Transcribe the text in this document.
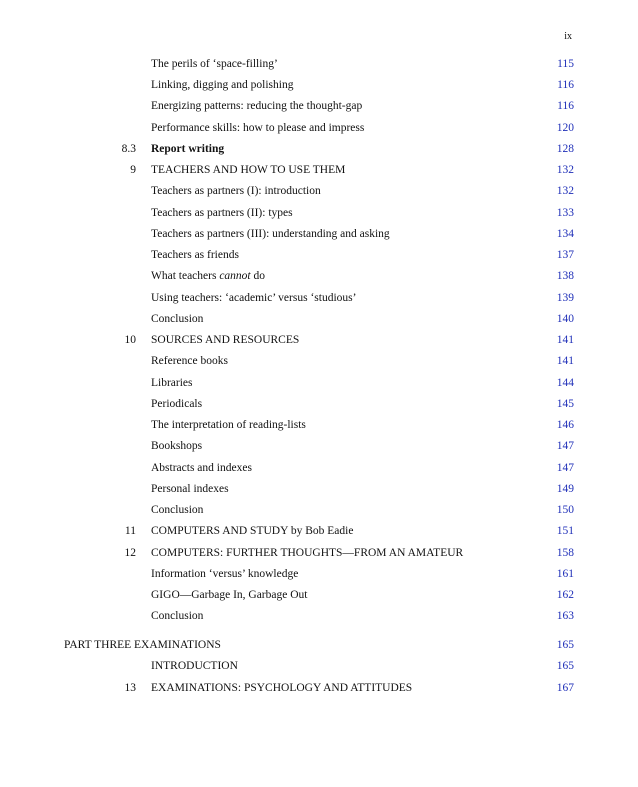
ix
The perils of ‘space-filling’	115
Linking, digging and polishing	116
Energizing patterns: reducing the thought-gap	116
Performance skills: how to please and impress	120
8.3 Report writing	128
9 TEACHERS AND HOW TO USE THEM	132
Teachers as partners (I): introduction	132
Teachers as partners (II): types	133
Teachers as partners (III): understanding and asking	134
Teachers as friends	137
What teachers cannot do	138
Using teachers: ‘academic’ versus ‘studious’	139
Conclusion	140
10 SOURCES AND RESOURCES	141
Reference books	141
Libraries	144
Periodicals	145
The interpretation of reading-lists	146
Bookshops	147
Abstracts and indexes	147
Personal indexes	149
Conclusion	150
11 COMPUTERS AND STUDY by Bob Eadie	151
12 COMPUTERS: FURTHER THOUGHTS—FROM AN AMATEUR	158
Information ‘versus’ knowledge	161
GIGO—Garbage In, Garbage Out	162
Conclusion	163
PART THREE EXAMINATIONS	165
INTRODUCTION	165
13 EXAMINATIONS: PSYCHOLOGY AND ATTITUDES	167
